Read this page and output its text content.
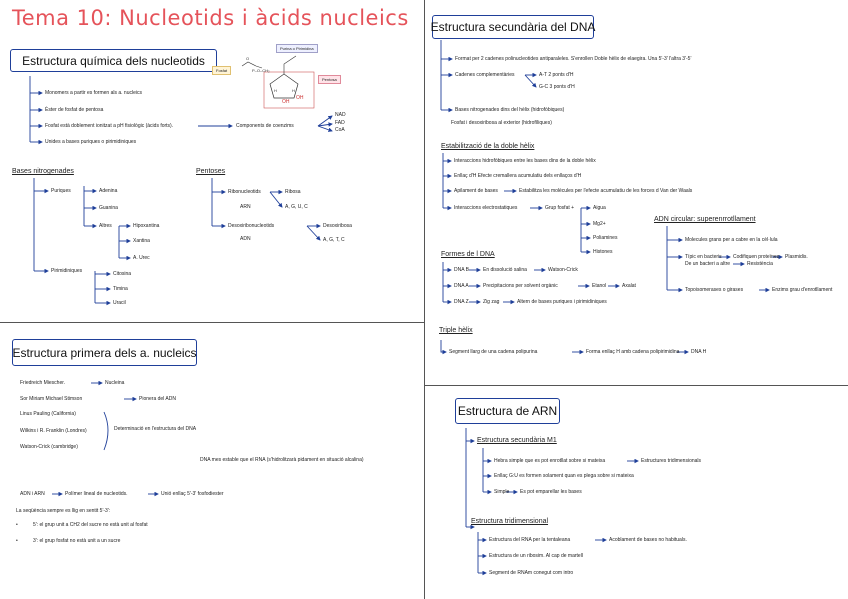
Tema 10: Nucleotids i àcids nucleics
Estructura química dels nucleotids
Purina o Pirimidina
Fosfat
Pentosa
O
P–O–CH₂
H	H
OH
OH
Monomers a partir es formen als a. nucleics
Èster de fosfat de pentosa
Fosfat està doblement ionitzat a pH fisiològic (àcids forts).
Unides a bases puriques o pirimidiniques
Components de coenzims
NAD
FAD
CoA
Bases nitrogenades
Puriques	Adenina
Guanina
Altres	Hipoxantina
Xantina
A. Urec
Pirimidiniques	Citosina
Timina
Uracil
Pentoses
Ribonucleotids	Ribosa
ARN	A, G, U, C
Desoxiribonucleotids	Desoxiribosa
ADN	A, G, T, C
Estructura secundària del DNA
Format per 2 cadenes polinucleotides antiparaleles. S'enrollen Doble hèlix de elaegira. Una 5'-3' l'altra 3'-5'
Cadenes complementàries	A-T 2 ponts d'H
G-C 3 ponts d'H
Bases nitrogenades dins del hèlix (hidrofòbiques)
Fosfat i desoxiribosa al exterior (hidrofíliques)
Estabilització de la doble hèlix
Interaccions hidrofòbiques entre les bases dins de la doble hèlix
Enllaç d'H Efecte cremallera acumulatiu dels enllaços d'H
Apilament de bases	Estabilitza les molècules per l'efecte acumulatiu de les forces d Van der Waals
Interaccions electrostatiques	Grup fosfat +	Aigua
Mg2+
Poliamines
Histones
Formes de l DNA
DNA B	En dissolució salina	Watson-Crick
DNA A	Precipitacions per solvent orgànic	Etanol	Axalat
DNA Z	Zig zag	Altern de bases puriques i pirimidiniques
ADN circular: superenrrotllament
Molecules grans per a cabre en la cèl·lula
Típic en bacteris Codifiquen proteïnes Plasmidis.
De un bacteri a altre	Resistència
Topoisomerases o girases	Enzims grau d'enrotllament
Triple hèlix
Segment llarg de una cadena polipurina	Forma enllaç H amb cadena polipirimidina DNA H
Estructura primera dels a. nucleics
Friedreich Miescher.	Nucleina
Sor Miriam Michael Stimson	Pionera del ADN
Linus Pauling (California)
Wilkins i R. Franklin (Londres)
Watson-Crick (cambridge)
Determinació en l'estructura del DNA
DNA mes estable que el RNA (s'hidrolitzarà pidament en situació alcalina)
ADN i ARN	Polímer lineal de nucleotids.	Unió enllaç 5'-3' fosfodiester
La seqüència sempre es llig en sentit 5'-3':
•	5': el grup unit a CH2 del sucre no està unit al fosfat
•	3': el grup fosfat no està unit a un sucre
Estructura de ARN
Estructura secundària M1
Hebra simple que es pot enrotllat sobre si mateixa	Estructures tridimensionals
Enllaç G:U es formen solament quan es plega sobre si mateixa
Simple Es pot emparellar les bases
Estructura tridimensional
Estructura del RNA per la tentaleana	Acoblament de bases no habituals.
Estructura de un ribosim. Al cap de martell
Segment de RNAm conegut com intro
